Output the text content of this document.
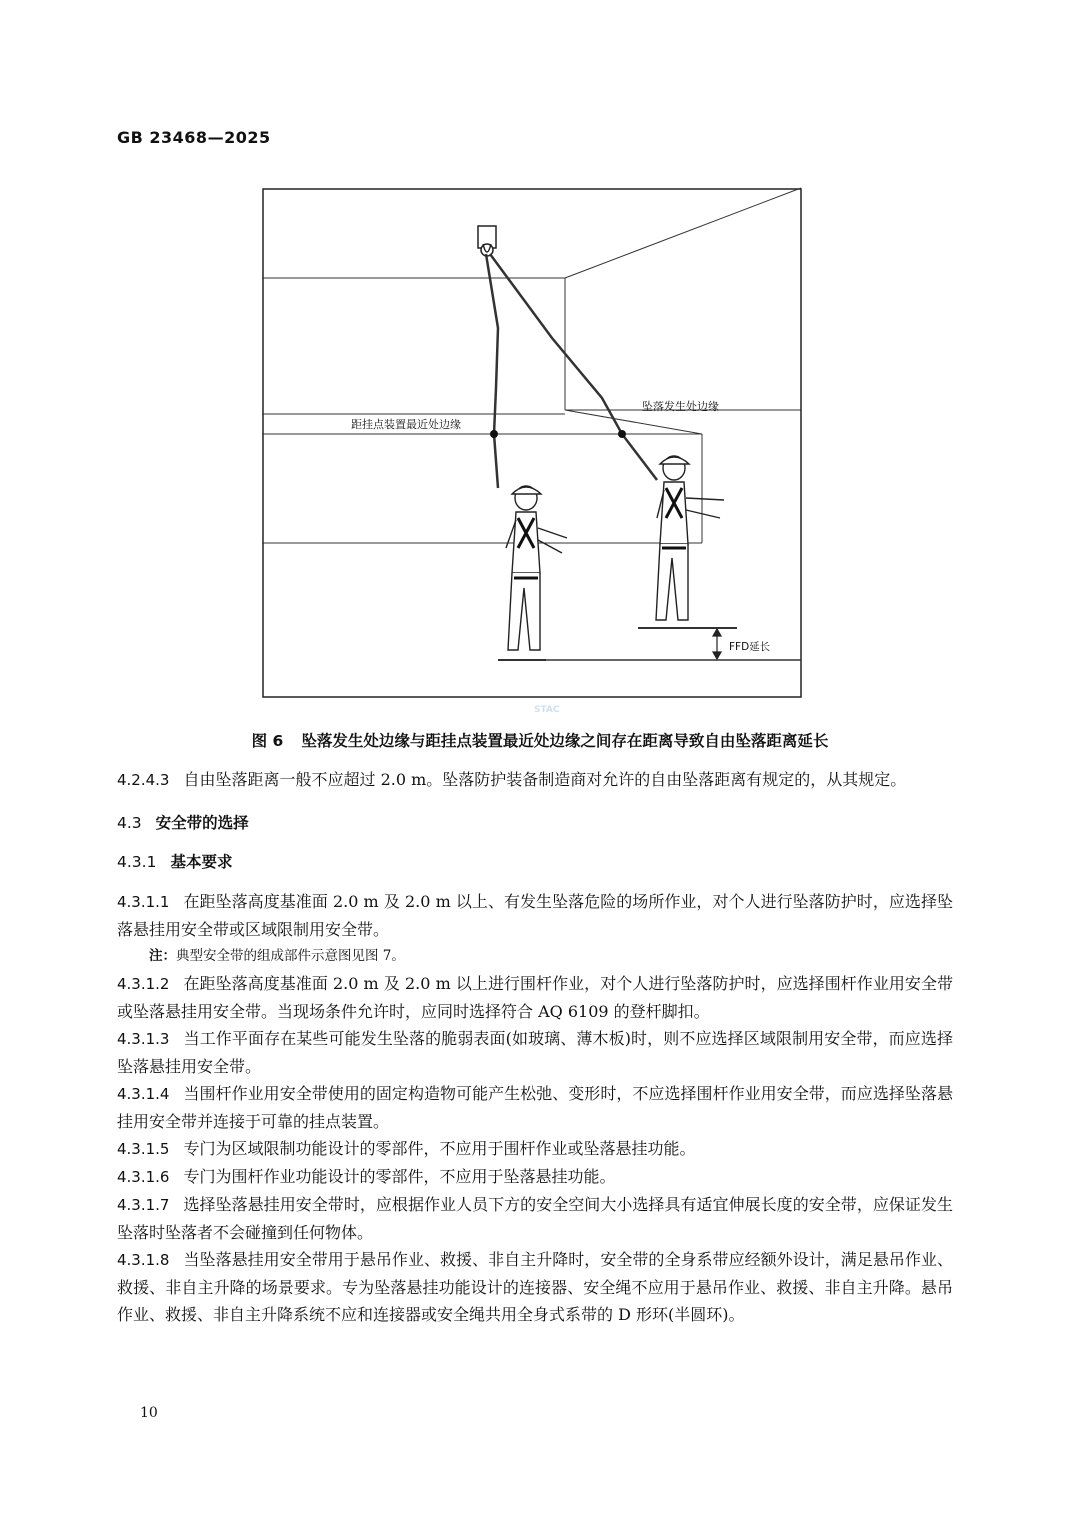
GB 23468—2025
距挂点装置最近处边缘
坠落发生处边缘
FFD延长
STAC
图 6 坠落发生处边缘与距挂点装置最近处边缘之间存在距离导致自由坠落距离延长

4.2.4.3 自由坠落距离一般不应超过 2.0 m。坠落防护装备制造商对允许的自由坠落距离有规定的，从其规定。

4.3 安全带的选择

4.3.1 基本要求

4.3.1.1 在距坠落高度基准面 2.0 m 及 2.0 m 以上、有发生坠落危险的场所作业，对个人进行坠落防护时，应选择坠落悬挂用安全带或区域限制用安全带。

注：典型安全带的组成部件示意图见图 7。

4.3.1.2 在距坠落高度基准面 2.0 m 及 2.0 m 以上进行围杆作业，对个人进行坠落防护时，应选择围杆作业用安全带或坠落悬挂用安全带。当现场条件允许时，应同时选择符合 AQ 6109 的登杆脚扣。

4.3.1.3 当工作平面存在某些可能发生坠落的脆弱表面(如玻璃、薄木板)时，则不应选择区域限制用安全带，而应选择坠落悬挂用安全带。

4.3.1.4 当围杆作业用安全带使用的固定构造物可能产生松弛、变形时，不应选择围杆作业用安全带，而应选择坠落悬挂用安全带并连接于可靠的挂点装置。

4.3.1.5 专门为区域限制功能设计的零部件，不应用于围杆作业或坠落悬挂功能。

4.3.1.6 专门为围杆作业功能设计的零部件，不应用于坠落悬挂功能。

4.3.1.7 选择坠落悬挂用安全带时，应根据作业人员下方的安全空间大小选择具有适宜伸展长度的安全带，应保证发生坠落时坠落者不会碰撞到任何物体。

4.3.1.8 当坠落悬挂用安全带用于悬吊作业、救援、非自主升降时，安全带的全身系带应经额外设计，满足悬吊作业、救援、非自主升降的场景要求。专为坠落悬挂功能设计的连接器、安全绳不应用于悬吊作业、救援、非自主升降。悬吊作业、救援、非自主升降系统不应和连接器或安全绳共用全身式系带的 D 形环(半圆环)。

10
